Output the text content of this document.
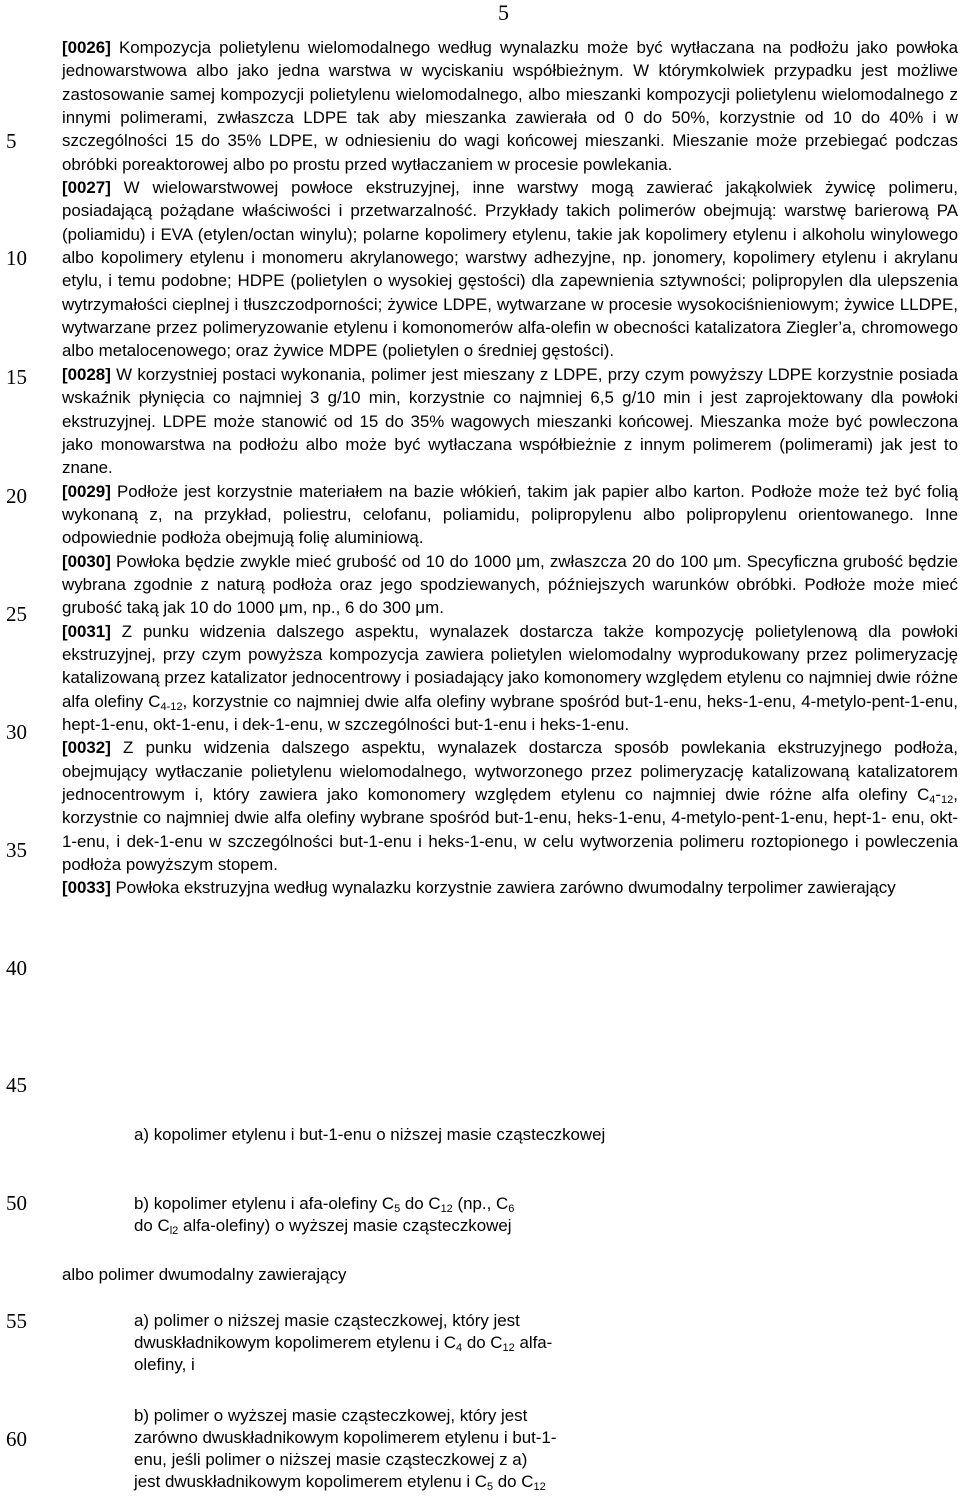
5
5
10
15
20
25
30
35
40
45
50
55
60

[0026] Kompozycja polietylenu wielomodalnego według wynalazku może być wytłaczana na podłożu jako powłoka jednowarstwowa albo jako jedna warstwa w wyciskaniu współbieżnym. W którymkolwiek przypadku jest możliwe zastosowanie samej kompozycji polietylenu wielomodalnego, albo mieszanki kompozycji polietylenu wielomodalnego z innymi polimerami, zwłaszcza LDPE tak aby mieszanka zawierała od 0 do 50%, korzystnie od 10 do 40% i w szczególności 15 do 35% LDPE, w odniesieniu do wagi końcowej mieszanki. Mieszanie może przebiegać podczas obróbki poreaktorowej albo po prostu przed wytłaczaniem w procesie powlekania.

[0027] W wielowarstwowej powłoce ekstruzyjnej, inne warstwy mogą zawierać jakąkolwiek żywicę polimeru, posiadającą pożądane właściwości i przetwarzalność. Przykłady takich polimerów obejmują: warstwę barierową PA (poliamidu) i EVA (etylen/octan winylu); polarne kopolimery etylenu, takie jak kopolimery etylenu i alkoholu winylowego albo kopolimery etylenu i monomeru akrylanowego; warstwy adhezyjne, np. jonomery, kopolimery etylenu i akrylanu etylu, i temu podobne; HDPE (polietylen o wysokiej gęstości) dla zapewnienia sztywności; polipropylen dla ulepszenia wytrzymałości cieplnej i tłuszczodporności; żywice LDPE, wytwarzane w procesie wysokociśnieniowym; żywice LLDPE, wytwarzane przez polimeryzowanie etylenu i komonomerów alfa-olefin w obecności katalizatora Ziegler’a, chromowego albo metalocenowego; oraz żywice MDPE (polietylen o średniej gęstości).

[0028] W korzystniej postaci wykonania, polimer jest mieszany z LDPE, przy czym powyższy LDPE korzystnie posiada wskaźnik płynięcia co najmniej 3 g/10 min, korzystnie co najmniej 6,5 g/10 min i jest zaprojektowany dla powłoki ekstruzyjnej. LDPE może stanowić od 15 do 35% wagowych mieszanki końcowej. Mieszanka może być powleczona jako monowarstwa na podłożu albo może być wytłaczana współbieżnie z innym polimerem (polimerami) jak jest to znane.

[0029] Podłoże jest korzystnie materiałem na bazie włókień, takim jak papier albo karton. Podłoże może też być folią wykonaną z, na przykład, poliestru, celofanu, poliamidu, polipropylenu albo polipropylenu orientowanego. Inne odpowiednie podłoża obejmują folię aluminiową.

[0030] Powłoka będzie zwykle mieć grubość od 10 do 1000 μm, zwłaszcza 20 do 100 μm. Specyficzna grubość będzie wybrana zgodnie z naturą podłoża oraz jego spodziewanych, późniejszych warunków obróbki. Podłoże może mieć grubość taką jak 10 do 1000 μm, np., 6 do 300 μm.

[0031] Z punku widzenia dalszego aspektu, wynalazek dostarcza także kompozycję polietylenową dla powłoki ekstruzyjnej, przy czym powyższa kompozycja zawiera polietylen wielomodalny wyprodukowany przez polimeryzację katalizowaną przez katalizator jednocentrowy i posiadający jako komonomery względem etylenu co najmniej dwie różne alfa olefiny $C_{4-12}$, korzystnie co najmniej dwie alfa olefiny wybrane spośród but-1-enu, heks-1-enu, 4-metylo-pent-1-enu, hept-1-enu, okt-1-enu, i dek-1-enu, w szczególności but-1-enu i heks-1-enu.

[0032] Z punku widzenia dalszego aspektu, wynalazek dostarcza sposób powlekania ekstruzyjnego podłoża, obejmujący wytłaczanie polietylenu wielomodalnego, wytworzonego przez polimeryzację katalizowaną katalizatorem jednocentrowym i, który zawiera jako komonomery względem etylenu co najmniej dwie różne alfa olefiny $C_4-_{12}$, korzystnie co najmniej dwie alfa olefiny wybrane spośród but-1-enu, heks-1-enu, 4-metylo-pent-1-enu, hept-1- enu, okt-1-enu, i dek-1-enu w szczególności but-1-enu i heks-1-enu, w celu wytworzenia polimeru roztopionego i powleczenia podłoża powyższym stopem.

[0033] Powłoka ekstruzyjna według wynalazku korzystnie zawiera zarówno dwumodalny terpolimer zawierający

a) kopolimer etylenu i but-1-enu o niższej masie cząsteczkowej
b) kopolimer etylenu i afa-olefiny $C_5$ do $C_{12}$ (np., $C_6$
do $C_{l2}$ alfa-olefiny) o wyższej masie cząsteczkowej
albo polimer dwumodalny zawierający
a) polimer o niższej masie cząsteczkowej, który jest
dwuskładnikowym kopolimerem etylenu i $C_4$ do $C_{12}$ alfa-
olefiny, i
b) polimer o wyższej masie cząsteczkowej, który jest
zarówno dwuskładnikowym kopolimerem etylenu i but-1-
enu, jeśli polimer o niższej masie cząsteczkowej z a)
jest dwuskładnikowym kopolimerem etylenu i $C_5$ do $C_{12}$
